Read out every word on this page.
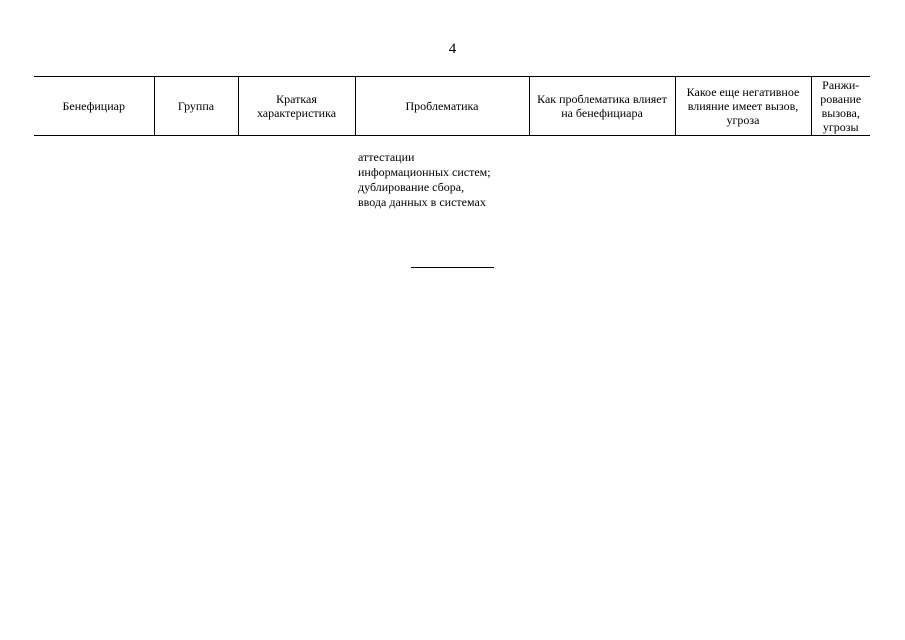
4
Бенефициар	Группа	Краткая характеристика	Проблематика	Как проблематика влияет на бенефициара	Какое еще негативное влияние имеет вызов, угроза	Ранжи-рование вызова, угрозы

			аттестации
информационных систем;
дублирование сбора,
ввода данных в системах			
